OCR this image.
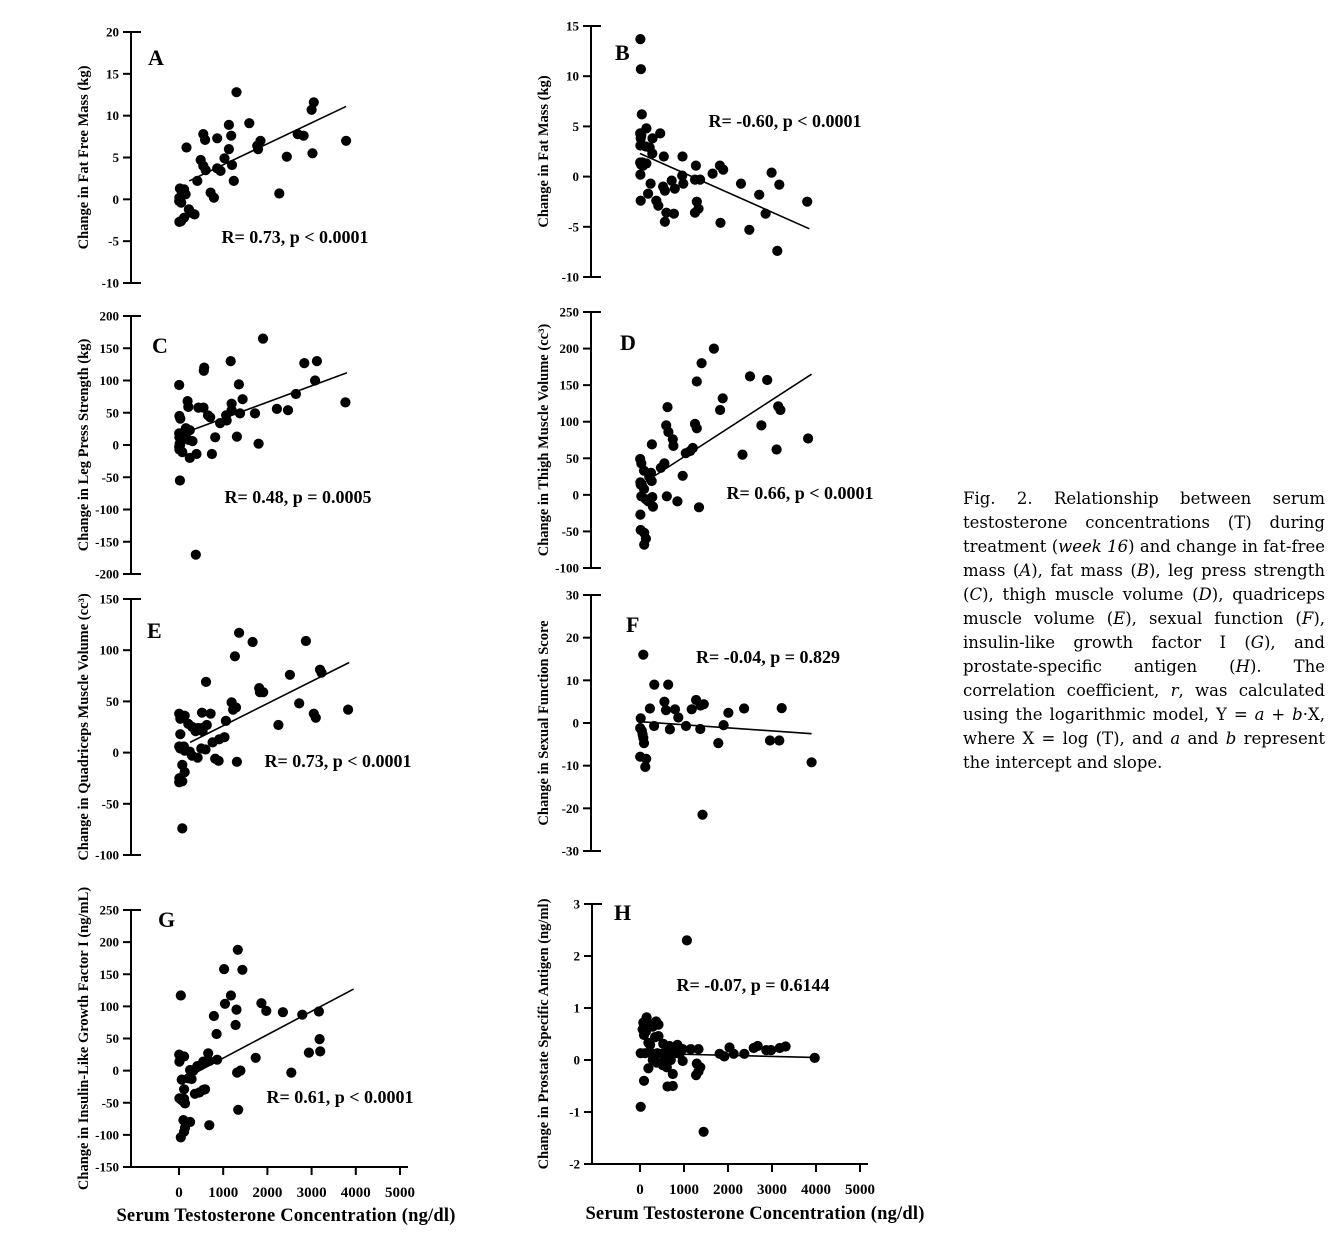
20
15
10
5
0
-5
-10
A
R= 0.73, p < 0.0001
Change in Fat Free Mass (kg)
15
10
5
0
-5
-10
B
R= -0.60, p < 0.0001
Change in Fat Mass (kg)
200
150
100
50
0
-50
-100
-150
-200
C
R= 0.48, p = 0.0005
Change in Leg Press Strength (kg)
250
200
150
100
50
0
-50
-100
D
R= 0.66, p < 0.0001
Change in Thigh Muscle Volume (cc³)
150
100
50
0
-50
-100
E
R= 0.73, p < 0.0001
Change in Quadriceps Muscle Volume (cc³)	30
20
10
0
-10
-20
-30
F
R= -0.04, p = 0.829
Change in Sexual Function Score
250
200
150
100
50
0
-50
-100
-150
0 1000 2000 3000 4000 5000
G
R= 0.61, p < 0.0001
Change in Insulin-Like Growth Factor I (ng/mL)	3
2
1
0
-1
-2
0 1000 2000 3000 4000 5000
H
R= -0.07, p = 0.6144
Change in Prostate Specific Antigen (ng/ml)
Serum Testosterone Concentration (ng/dl)	Serum Testosterone Concentration (ng/dl)
Fig. 2. Relationship between serum testosterone concentrations (T) during treatment (week 16) and change in fat-free mass (A), fat mass (B), leg press strength (C), thigh muscle volume (D), quadriceps muscle volume (E), sexual function (F), insulin-like growth factor I (G), and prostate-specific antigen (H). The correlation coefficient, r, was calculated using the logarithmic model, Y = a + b·X, where X = log (T), and a and b represent the intercept and slope.
